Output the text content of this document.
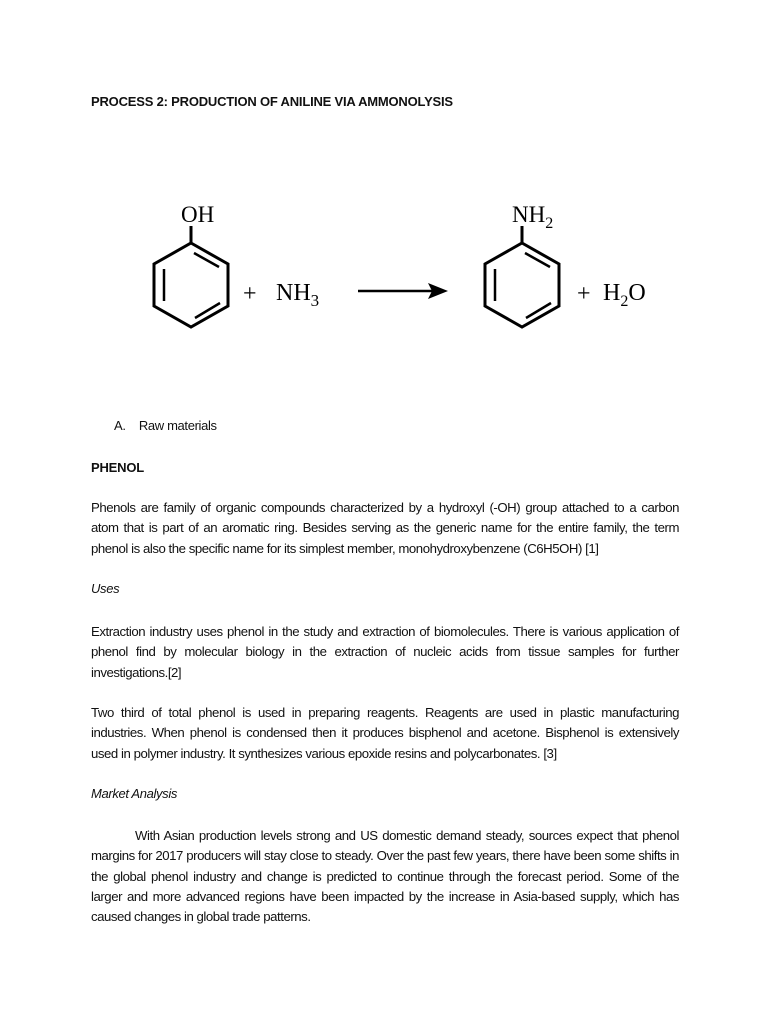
PROCESS 2: PRODUCTION OF ANILINE VIA AMMONOLYSIS
OH
+ $NH_3$
$NH_2$
+ $H_2O$
A. Raw materials
PHENOL
Phenols are family of organic compounds characterized by a hydroxyl (-OH) group attached to a carbon atom that is part of an aromatic ring. Besides serving as the generic name for the entire family, the term phenol is also the specific name for its simplest member, monohydroxybenzene (C6H5OH) [1]
Uses
Extraction industry uses phenol in the study and extraction of biomolecules. There is various application of phenol find by molecular biology in the extraction of nucleic acids from tissue samples for further investigations.[2]
Two third of total phenol is used in preparing reagents. Reagents are used in plastic manufacturing industries. When phenol is condensed then it produces bisphenol and acetone. Bisphenol is extensively used in polymer industry. It synthesizes various epoxide resins and polycarbonates. [3]
Market Analysis
With Asian production levels strong and US domestic demand steady, sources expect that phenol margins for 2017 producers will stay close to steady. Over the past few years, there have been some shifts in the global phenol industry and change is predicted to continue through the forecast period. Some of the larger and more advanced regions have been impacted by the increase in Asia-based supply, which has caused changes in global trade patterns.
